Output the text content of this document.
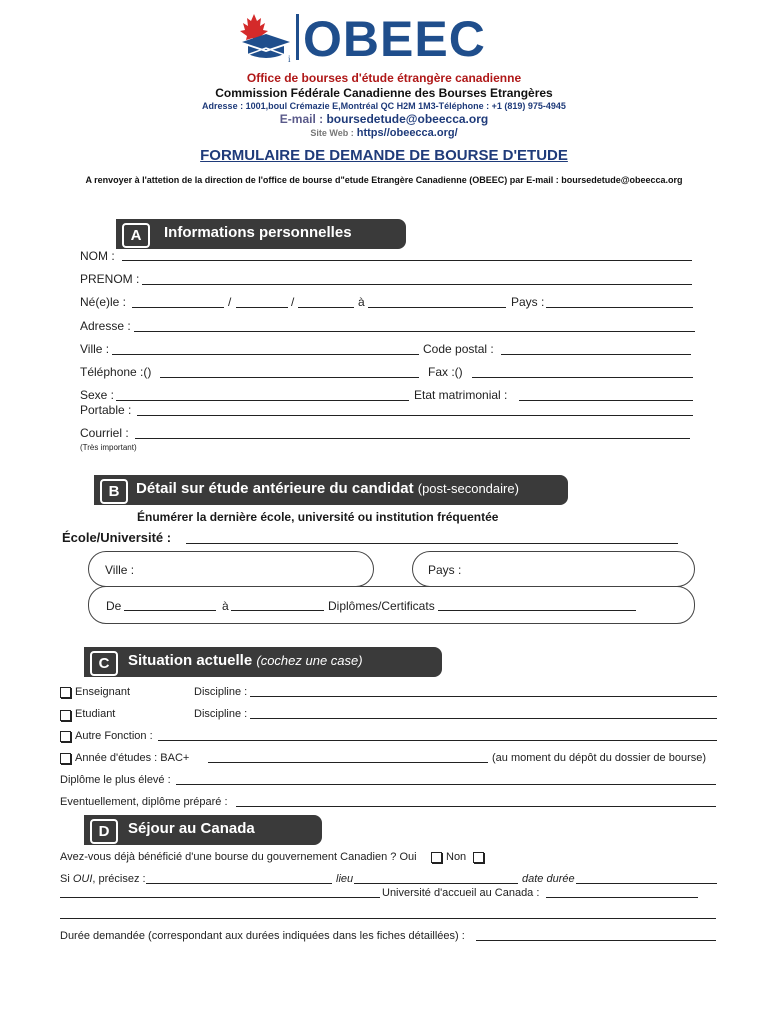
i OBEEC
Office de bourses d'étude étrangère canadienne
Commission Fédérale Canadienne des Bourses Etrangères
Adresse : 1001,boul Crémazie E,Montréal QC H2M 1M3-Téléphone : +1 (819) 975-4945
E-mail : boursedetude@obeecca.org
Site Web : https//obeecca.org/
FORMULAIRE DE DEMANDE DE BOURSE D'ETUDE
A renvoyer à l'attetion de la direction de l'office de bourse d"etude Etrangère Canadienne (OBEEC) par E-mail : boursedetude@obeecca.org
A	Informations personnelles
NOM :
PRENOM :
Né(e)le :	/	/	à	Pays :
Adresse :
Ville :	Code postal :
Téléphone :()	Fax :()
Sexe :	Etat matrimonial :
Portable :
Courriel :
(Très important)
B	Détail sur étude antérieure du candidat (post-secondaire)
Énumérer la dernière école, université ou institution fréquentée
École/Université :
Ville :	Pays :
De	à	Diplômes/Certificats
C	Situation actuelle (cochez une case)
Enseignant	Discipline :
Etudiant	Discipline :
Autre Fonction :
Année d'études : BAC+	(au moment du dépôt du dossier de bourse)
Diplôme le plus élevé :
Eventuellement, diplôme préparé :
D	Séjour au Canada
Avez-vous déjà bénéficié d'une bourse du gouvernement Canadien ? Oui	Non
Si OUI, précisez :	lieu	date durée
Université d'accueil au Canada :
Durée demandée (correspondant aux durées indiquées dans les fiches détaillées) :
